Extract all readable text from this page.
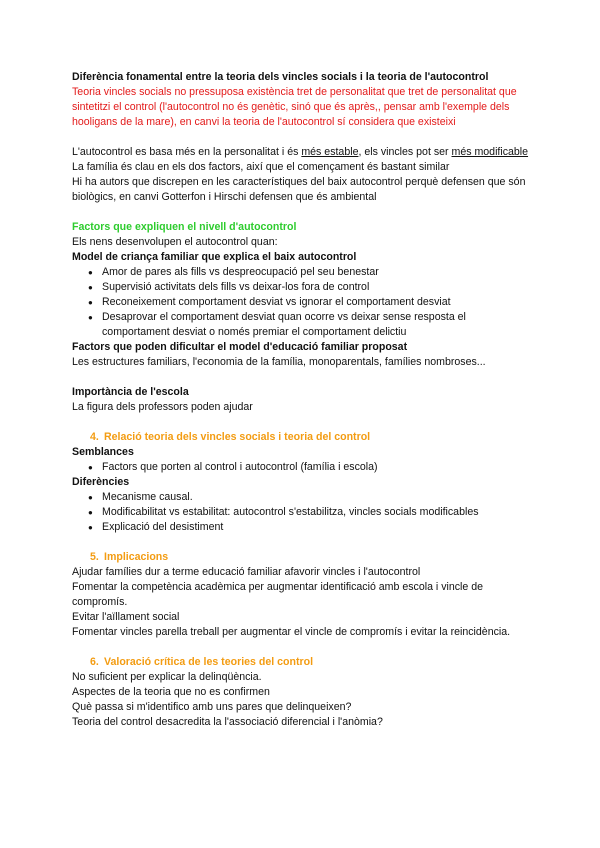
Diferència fonamental entre la teoria dels vincles socials i la teoria de l'autocontrol

Teoria vincles socials no pressuposa existència tret de personalitat que tret de personalitat que sintetitzi el control (l'autocontrol no és genètic, sinó que és après,, pensar amb l'exemple dels hooligans de la mare), en canvi la teoria de l'autocontrol sí considera que existeixi

L'autocontrol es basa més en la personalitat i és més estable, els vincles pot ser més modificable

La família és clau en els dos factors, així que el començament és bastant similar

Hi ha autors que discrepen en les característiques del baix autocontrol perquè defensen que són biològics, en canvi Gotterfon i Hirschi defensen que és ambiental

Factors que expliquen el nivell d'autocontrol

Els nens desenvolupen el autocontrol quan:

Model de criança familiar que explica el baix autocontrol

● Amor de pares als fills vs despreocupació pel seu benestar
● Supervisió activitats dels fills vs deixar-los fora de control
● Reconeixement comportament desviat vs ignorar el comportament desviat
● Desaprovar el comportament desviat quan ocorre vs deixar sense resposta el comportament desviat o només premiar el comportament delictiu

Factors que poden dificultar el model d'educació familiar proposat

Les estructures familiars, l'economia de la família, monoparentals, famílies nombroses...

Importància de l'escola

La figura dels professors poden ajudar

4. Relació teoria dels vincles socials i teoria del control

Semblances

● Factors que porten al control i autocontrol (família i escola)

Diferències

● Mecanisme causal.
● Modificabilitat vs estabilitat: autocontrol s'estabilitza, vincles socials modificables
● Explicació del desistiment

5. Implicacions

Ajudar famílies dur a terme educació familiar afavorir vincles i l'autocontrol

Fomentar la competència acadèmica per augmentar identificació amb escola i vincle de compromís.

Evitar l'aïllament social

Fomentar vincles parella treball per augmentar el vincle de compromís i evitar la reincidència.

6. Valoració crítica de les teories del control

No suficient per explicar la delinqüència.

Aspectes de la teoria que no es confirmen

Què passa si m'identifico amb uns pares que delinqueixen?

Teoria del control desacredita la l'associació diferencial i l'anòmia?
